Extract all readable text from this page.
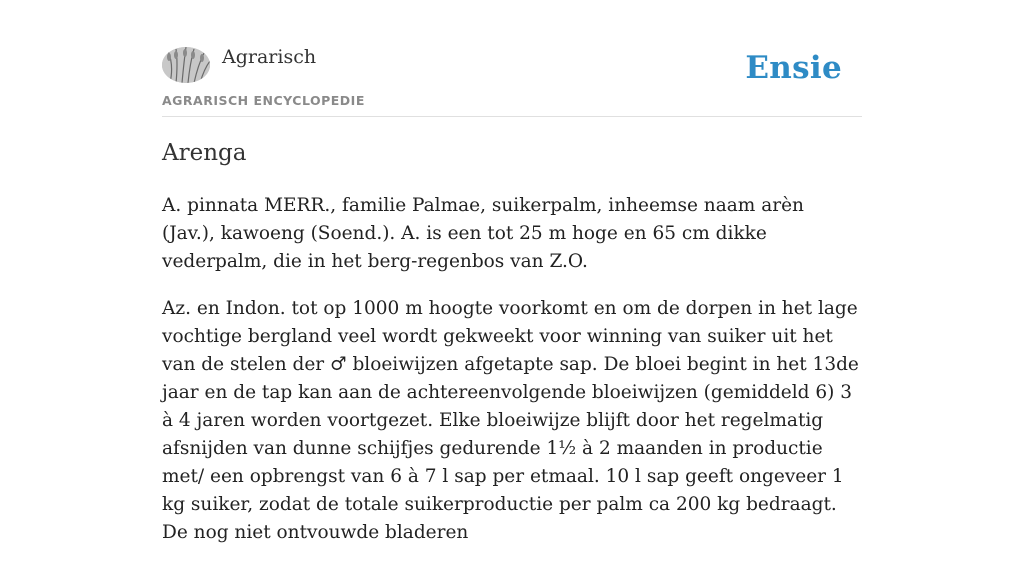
Agrarisch
AGRARISCH ENCYCLOPEDIE
Ensie
Arenga

A. pinnata MERR., familie Palmae, suikerpalm, inheemse naam arèn (Jav.), kawoeng (Soend.). A. is een tot 25 m hoge en 65 cm dikke vederpalm, die in het berg-regenbos van Z.O.

Az. en Indon. tot op 1000 m hoogte voorkomt en om de dorpen in het lage vochtige bergland veel wordt gekweekt voor winning van suiker uit het van de stelen der ♂ bloeiwijzen afgetapte sap. De bloei begint in het 13de jaar en de tap kan aan de achtereenvolgende bloeiwijzen (gemiddeld 6) 3 à 4 jaren worden voortgezet. Elke bloeiwijze blijft door het regelmatig afsnijden van dunne schijfjes gedurende 1½ à 2 maanden in productie met/ een opbrengst van 6 à 7 l sap per etmaal. 10 l sap geeft ongeveer 1 kg suiker, zodat de totale suikerproductie per palm ca 200 kg bedraagt. De nog niet ontvouwde bladeren
